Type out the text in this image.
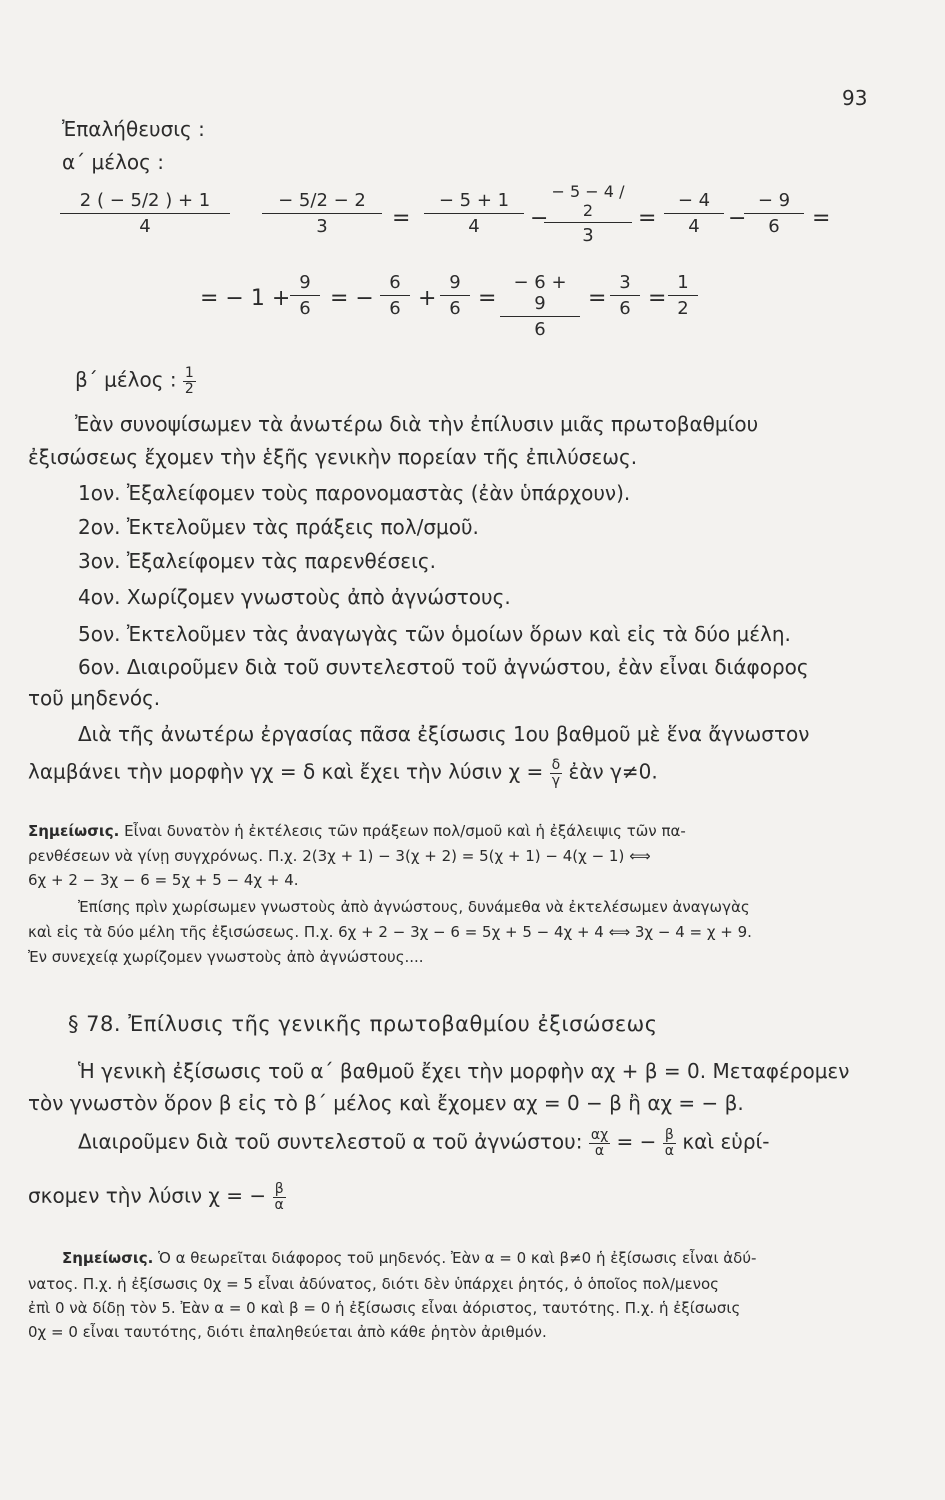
93
Ἐπαλήθευσις :
α΄ μέλος :
$\frac{2 ( - 5/2 ) + 1}{4} \frac{- 5/2 - 2}{3} = \frac{- 5 + 1}{4}$ −
$\frac{- 5 - 4 / 2}{3} = \frac{- 4}{4}$ −
$\frac{- 9}{6}$ =
= − $1 + \frac{9}{6}$ = − $\frac{6}{6} + \frac{9}{6} = \frac{- 6 + 9}{6} = \frac{3}{6} = \frac{1}{2}$
β΄ μέλος : $\frac{1}{2}$
Ἐὰν συνοψίσωμεν τὰ ἀνωτέρω διὰ τὴν ἐπίλυσιν μιᾶς πρωτοβαθμίου
ἐξισώσεως ἔχομεν τὴν ἑξῆς γενικὴν πορείαν τῆς ἐπιλύσεως.
1ον. Ἐξαλείφομεν τοὺς παρονομαστὰς (ἐὰν ὑπάρχουν).
2ον. Ἐκτελοῦμεν τὰς πράξεις πολ/σμοῦ.
3ον. Ἐξαλείφομεν τὰς παρενθέσεις.
4ον. Χωρίζομεν γνωστοὺς ἀπὸ ἀγνώστους.
5ον. Ἐκτελοῦμεν τὰς ἀναγωγὰς τῶν ὁμοίων ὅρων καὶ εἰς τὰ δύο μέλη.
6ον. Διαιροῦμεν διὰ τοῦ συντελεστοῦ τοῦ ἀγνώστου, ἐὰν εἶναι διάφορος
τοῦ μηδενός.
Διὰ τῆς ἀνωτέρω ἐργασίας πᾶσα ἐξίσωσις 1ου βαθμοῦ μὲ ἕνα ἄγνωστον
λαμβάνει τὴν μορφὴν γχ = δ καὶ ἔχει τὴν λύσιν $\chi = \frac{\delta}{\gamma}$ ἐὰν γ≠0.
Σημείωσις. Εἶναι δυνατὸν ἡ ἐκτέλεσις τῶν πράξεων πολ/σμοῦ καὶ ἡ ἐξάλειψις τῶν πα-
ρενθέσεων νὰ γίνῃ συγχρόνως. Π.χ. 2(3χ + 1) − 3(χ + 2) = 5(χ + 1) − 4(χ − 1) ⟺
6χ + 2 − 3χ − 6 = 5χ + 5 − 4χ + 4.
Ἐπίσης πρὶν χωρίσωμεν γνωστοὺς ἀπὸ ἀγνώστους, δυνάμεθα νὰ ἐκτελέσωμεν ἀναγωγὰς
καὶ εἰς τὰ δύο μέλη τῆς ἐξισώσεως. Π.χ. 6χ + 2 − 3χ − 6 = 5χ + 5 − 4χ + 4 ⟺ 3χ − 4 = χ + 9.
Ἐν συνεχείᾳ χωρίζομεν γνωστοὺς ἀπὸ ἀγνώστους....
§ 78. Ἐπίλυσις τῆς γενικῆς πρωτοβαθμίου ἐξισώσεως
Ἡ γενικὴ ἐξίσωσις τοῦ α΄ βαθμοῦ ἔχει τὴν μορφὴν αχ + β = 0. Μεταφέρομεν
τὸν γνωστὸν ὅρον β εἰς τὸ β΄ μέλος καὶ ἔχομεν αχ = 0 − β ἢ αχ = − β.
Διαιροῦμεν διὰ τοῦ συντελεστοῦ α τοῦ ἀγνώστου: $\frac{\alpha\chi}{\alpha}$ = − $\frac{\beta}{\alpha}$ καὶ εὑρί-
σκομεν τὴν λύσιν χ = − $\frac{\beta}{\alpha}$
Σημείωσις. Ὁ α θεωρεῖται διάφορος τοῦ μηδενός. Ἐὰν α = 0 καὶ β≠0 ἡ ἐξίσωσις εἶναι ἀδύ-
νατος. Π.χ. ἡ ἐξίσωσις 0χ = 5 εἶναι ἀδύνατος, διότι δὲν ὑπάρχει ῥητός, ὁ ὁποῖος πολ/μενος
ἐπὶ 0 νὰ δίδῃ τὸν 5. Ἐὰν α = 0 καὶ β = 0 ἡ ἐξίσωσις εἶναι ἀόριστος, ταυτότης. Π.χ. ἡ ἐξίσωσις
0χ = 0 εἶναι ταυτότης, διότι ἐπαληθεύεται ἀπὸ κάθε ῥητὸν ἀριθμόν.
